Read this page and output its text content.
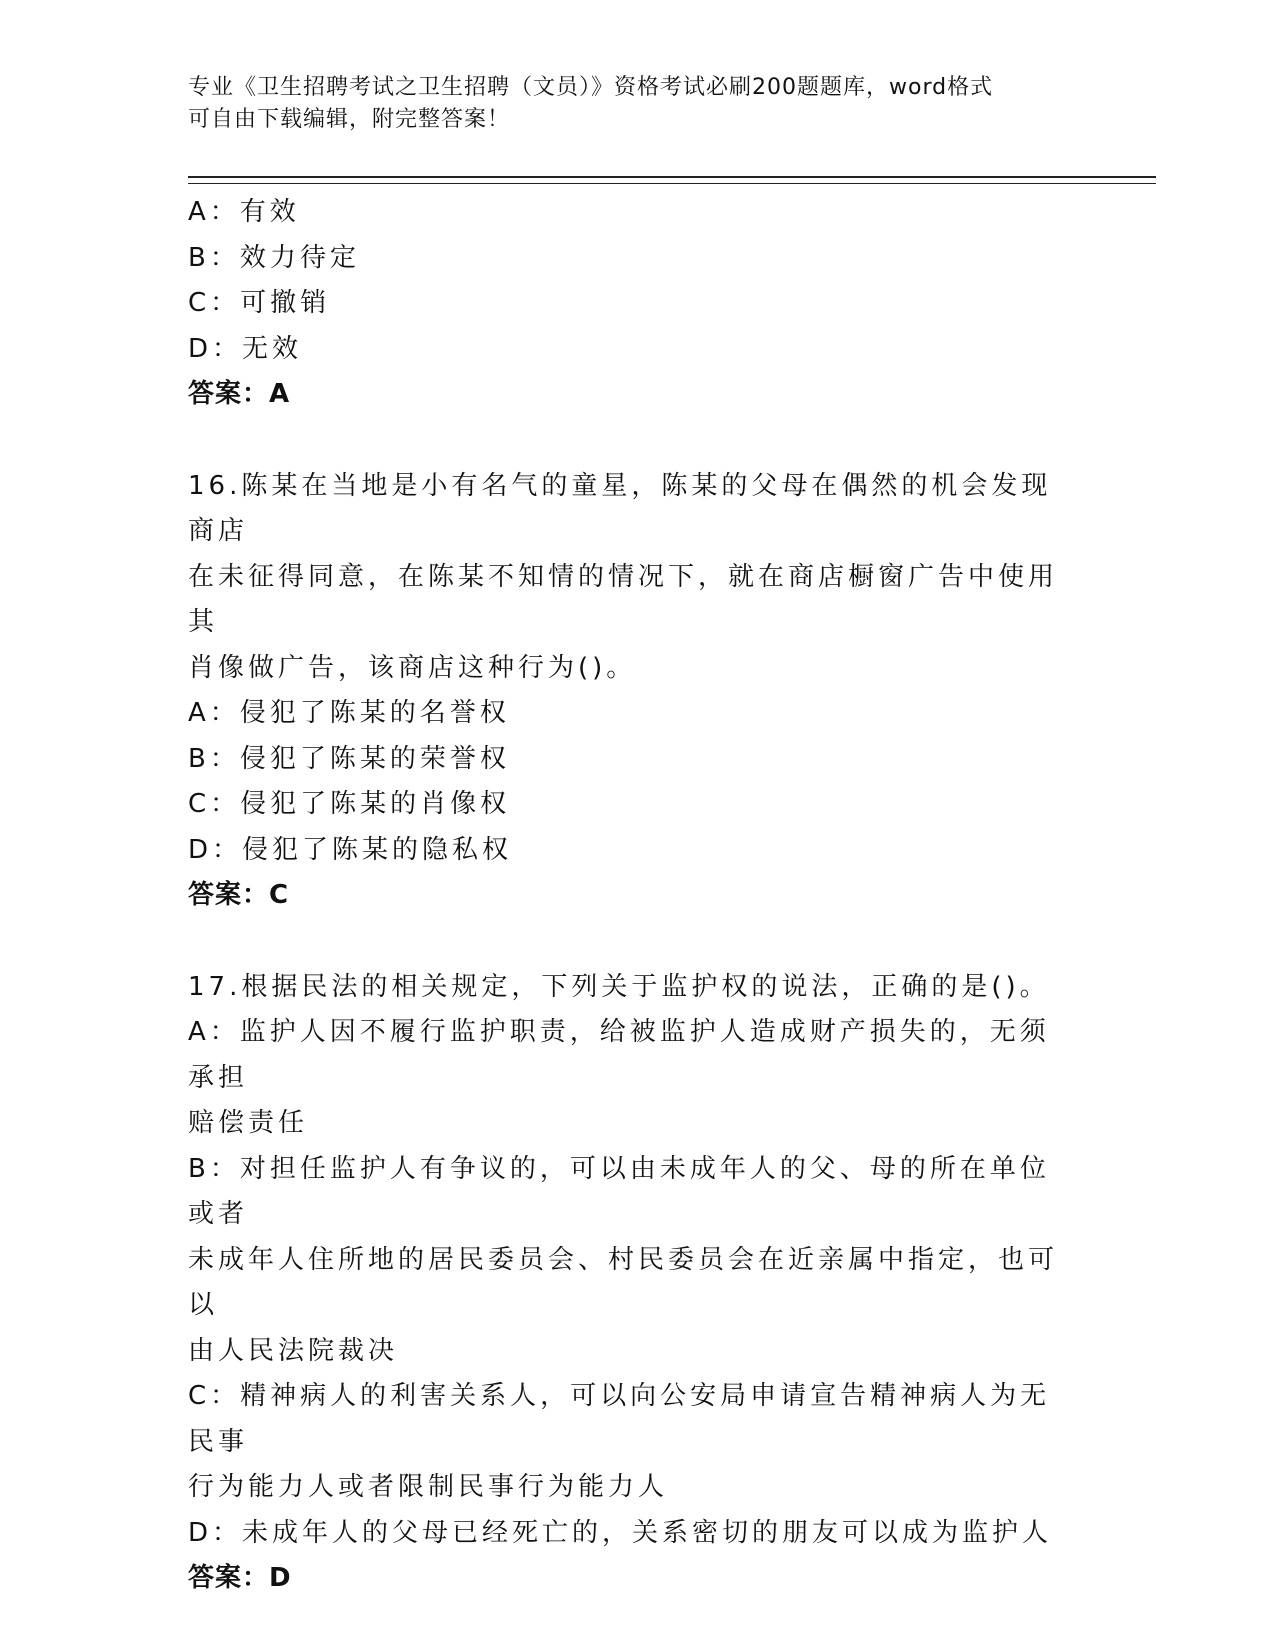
专业《卫生招聘考试之卫生招聘（文员）》资格考试必刷200题题库，word格式
可自由下载编辑，附完整答案！
A：有效
B：效力待定
C：可撤销
D：无效
答案：A
16.陈某在当地是小有名气的童星，陈某的父母在偶然的机会发现商店
在未征得同意，在陈某不知情的情况下，就在商店橱窗广告中使用其
肖像做广告，该商店这种行为()。
A：侵犯了陈某的名誉权
B：侵犯了陈某的荣誉权
C：侵犯了陈某的肖像权
D：侵犯了陈某的隐私权
答案：C
17.根据民法的相关规定，下列关于监护权的说法，正确的是()。
A：监护人因不履行监护职责，给被监护人造成财产损失的，无须承担
赔偿责任
B：对担任监护人有争议的，可以由未成年人的父、母的所在单位或者
未成年人住所地的居民委员会、村民委员会在近亲属中指定，也可以
由人民法院裁决
C：精神病人的利害关系人，可以向公安局申请宣告精神病人为无民事
行为能力人或者限制民事行为能力人
D：未成年人的父母已经死亡的，关系密切的朋友可以成为监护人
答案：D
